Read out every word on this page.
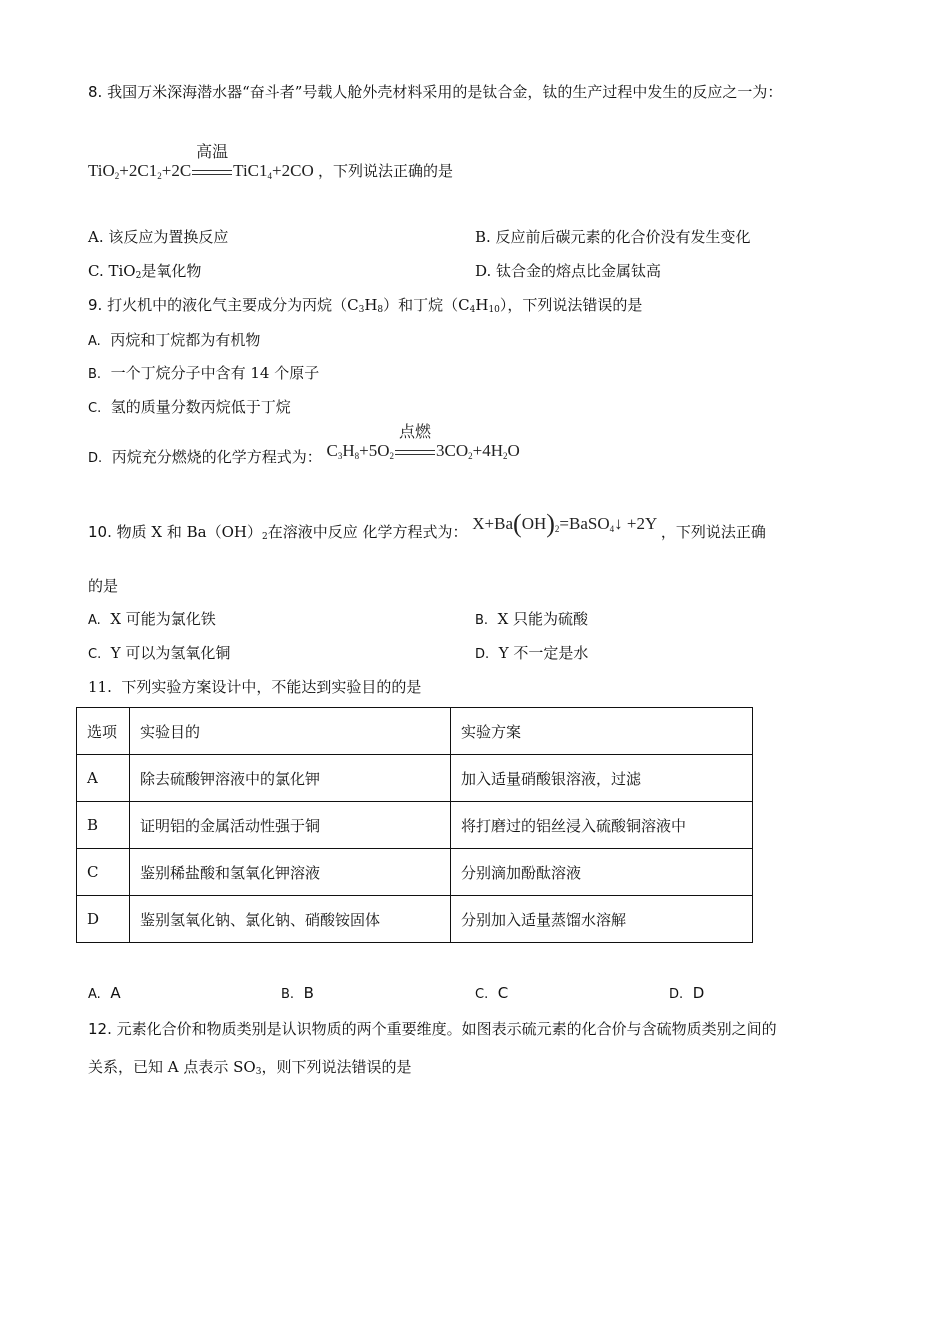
8. 我国万米深海潜水器“奋斗者”号载人舱外壳材料采用的是钛合金，钛的生产过程中发生的反应之一为：
$TiO_2+2C1_2+2C$
高温
$TiC1_4+2CO$ ，下列说法正确的是
A. 该反应为置换反应	B. 反应前后碳元素的化合价没有发生变化
C. TiO$_2$是氧化物	D. 钛合金的熔点比金属钛高
9. 打火机中的液化气主要成分为丙烷$(C_3H_8)$和丁烷$(C_4H_{10})$，下列说法错误的是
A. 丙烷和丁烷都为有机物
B. 一个丁烷分子中含有 14 个原子
C. 氢的质量分数丙烷低于丁烷
D. 丙烷充分燃烧的化学方程式为： $C_3H_8+5O_2$
点燃
$3CO_2+4H_2O$
10. 物质 X 和 $Ba(OH)_2$在溶液中反应 化学方程式为： $X+Ba(OH)_2=BaSO_4↓ +2Y$ ，下列说法正确
的是
A. X 可能为氯化铁	B. X 只能为硫酸
C. Y 可以为氢氧化铜	D. Y 不一定是水
11. 下列实验方案设计中，不能达到实验目的的是
选项	实验目的	实验方案
A	除去硫酸钾溶液中的氯化钾	加入适量硝酸银溶液，过滤
B	证明铝的金属活动性强于铜	将打磨过的铝丝浸入硫酸铜溶液中
C	鉴别稀盐酸和氢氧化钾溶液	分别滴加酚酞溶液
D	鉴别氢氧化钠、氯化钠、硝酸铵固体	分别加入适量蒸馏水溶解
A. A	B. B	C. C	D. D
12. 元素化合价和物质类别是认识物质的两个重要维度。如图表示硫元素的化合价与含硫物质类别之间的
关系，已知 A 点表示 $SO_3$，则下列说法错误的是
